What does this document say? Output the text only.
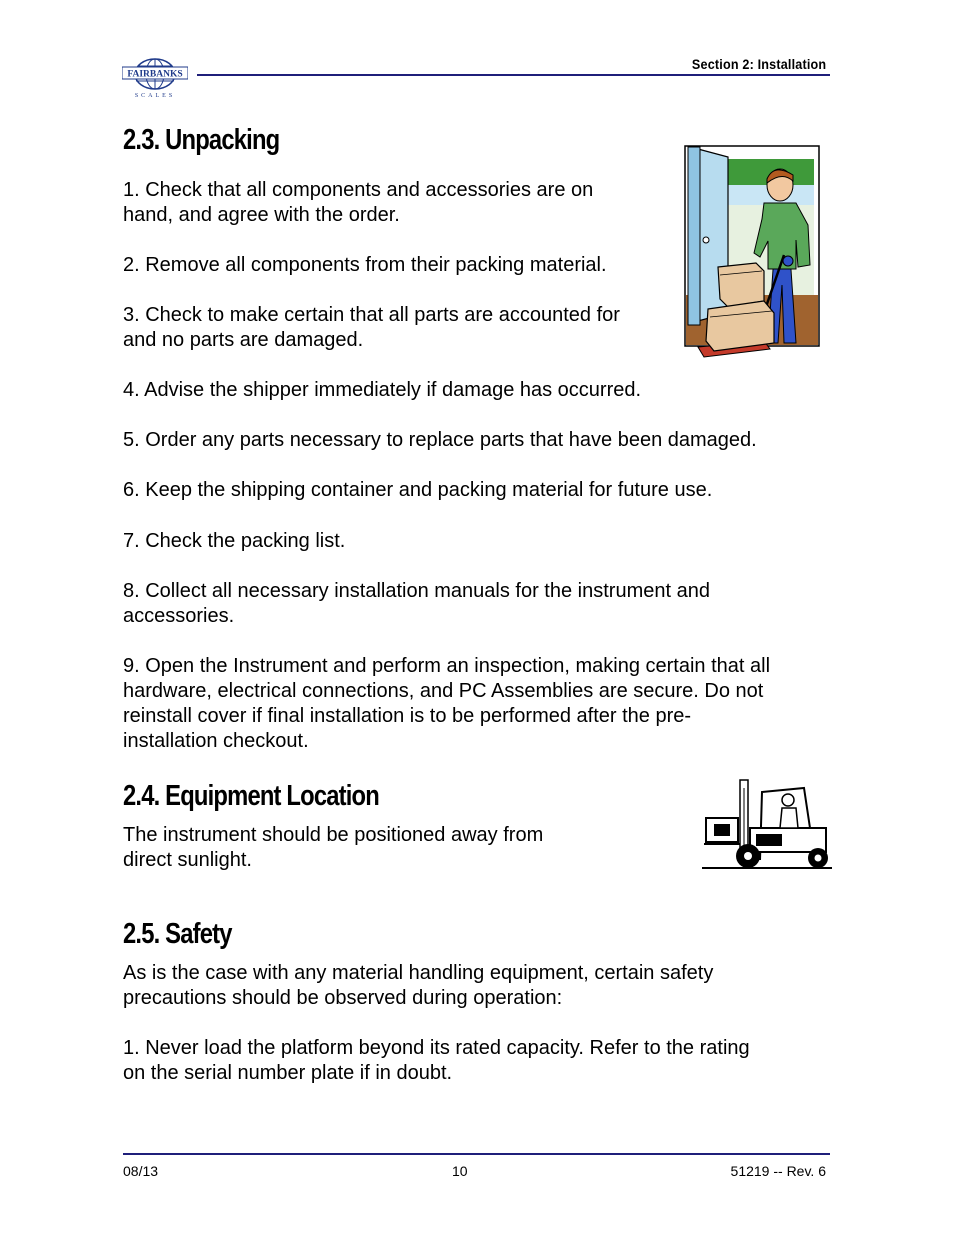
FAIRBANKS
SCALES
Section 2: Installation
2.3. Unpacking
1. Check that all components and accessories are on
hand, and agree with the order.
2. Remove all components from their packing material.
3. Check to make certain that all parts are accounted for
and no parts are damaged.
4. Advise the shipper immediately if damage has occurred.
5. Order any parts necessary to replace parts that have been damaged.
6. Keep the shipping container and packing material for future use.
7. Check the packing list.
8. Collect all necessary installation manuals for the instrument and
accessories.
9. Open the Instrument and perform an inspection, making certain that all
hardware, electrical connections, and PC Assemblies are secure. Do not
reinstall cover if final installation is to be performed after the pre-
installation checkout.
2.4. Equipment Location
The instrument should be positioned away from
direct sunlight.
2.5. Safety
As is the case with any material handling equipment, certain safety
precautions should be observed during operation:
1. Never load the platform beyond its rated capacity. Refer to the rating
on the serial number plate if in doubt.
08/13	10	51219 -- Rev. 6
